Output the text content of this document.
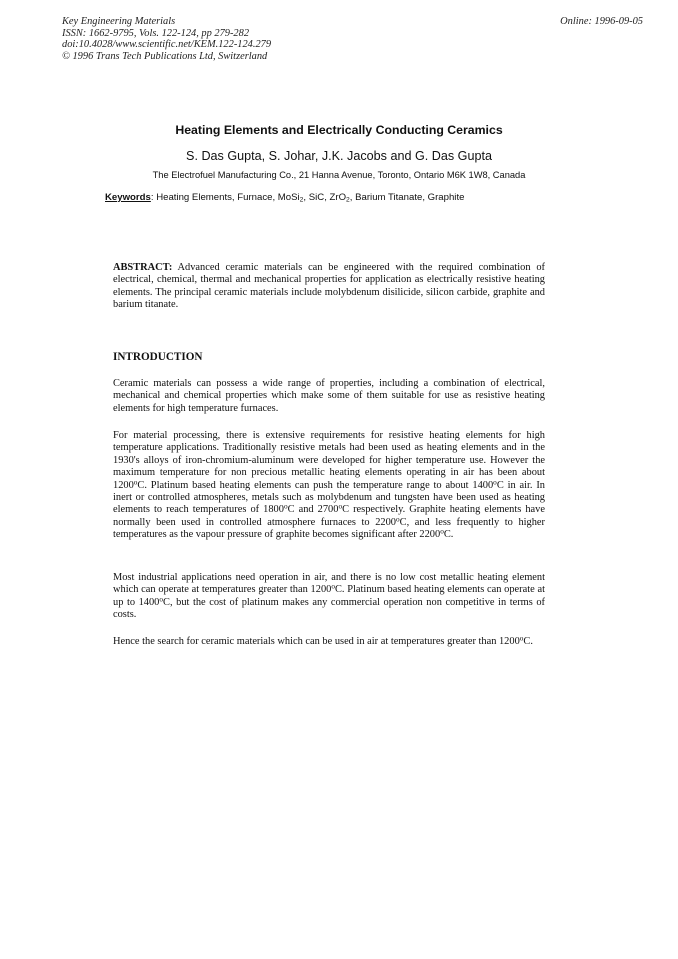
Key Engineering Materials
ISSN: 1662-9795, Vols. 122-124, pp 279-282
doi:10.4028/www.scientific.net/KEM.122-124.279
© 1996 Trans Tech Publications Ltd, Switzerland
Online: 1996-09-05
Heating Elements and Electrically Conducting Ceramics
S. Das Gupta, S. Johar, J.K. Jacobs and G. Das Gupta
The Electrofuel Manufacturing Co., 21 Hanna Avenue, Toronto, Ontario M6K 1W8, Canada
Keywords: Heating Elements, Furnace, MoSi$_2$, SiC, ZrO$_2$, Barium Titanate, Graphite

ABSTRACT: Advanced ceramic materials can be engineered with the required combination of electrical, chemical, thermal and mechanical properties for application as electrically resistive heating elements. The principal ceramic materials include molybdenum disilicide, silicon carbide, graphite and barium titanate.

INTRODUCTION

Ceramic materials can possess a wide range of properties, including a combination of electrical, mechanical and chemical properties which make some of them suitable for use as resistive heating elements for high temperature furnaces.

For material processing, there is extensive requirements for resistive heating elements for high temperature applications. Traditionally resistive metals had been used as heating elements and in the 1930's alloys of iron-chromium-aluminum were developed for higher temperature use. However the maximum temperature for non precious metallic heating elements operating in air has been about 1200$^o$C. Platinum based heating elements can push the temperature range to about 1400$^o$C in air. In inert or controlled atmospheres, metals such as molybdenum and tungsten have been used as heating elements to reach temperatures of 1800$^o$C and 2700$^o$C respectively. Graphite heating elements have normally been used in controlled atmosphere furnaces to 2200$^o$C, and less frequently to higher temperatures as the vapour pressure of graphite becomes significant after 2200$^o$C.

Most industrial applications need operation in air, and there is no low cost metallic heating element which can operate at temperatures greater than 1200$^o$C. Platinum based heating elements can operate at up to 1400$^o$C, but the cost of platinum makes any commercial operation non competitive in terms of costs.

Hence the search for ceramic materials which can be used in air at temperatures greater than 1200$^o$C.
